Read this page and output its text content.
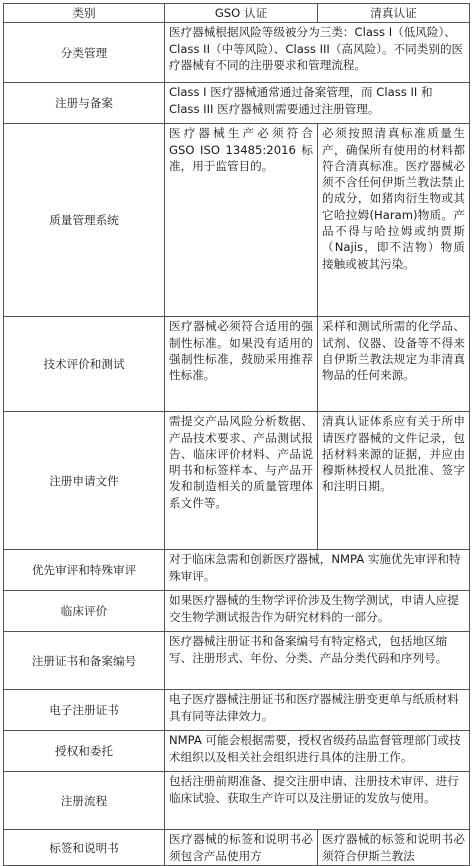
类别	GSO 认证	清真认证
分类管理	医疗器械根据风险等级被分为三类：Class I（低风险）、Class II（中等风险）、Class III（高风险）。不同类别的医疗器械有不同的注册要求和管理流程。	
注册与备案	Class I 医疗器械通常通过备案管理，而 Class II 和 Class III 医疗器械则需要通过注册管理。	
质量管理系统	医疗器械生产必须符合 GSO ISO 13485:2016 标准，用于监管目的。	必须按照清真标准质量生产，确保所有使用的材料都符合清真标准。医疗器械必须不含任何伊斯兰教法禁止的成分，如猪肉衍生物或其它哈拉姆(Haram)物质。产品不得与哈拉姆或纳贾斯（Najis，即不洁物）物质接触或被其污染。
技术评价和测试	医疗器械必须符合适用的强制性标准。如果没有适用的强制性标准，鼓励采用推荐性标准。	采样和测试所需的化学品、试剂、仪器、设备等不得来自伊斯兰教法规定为非清真物品的任何来源。
注册申请文件	需提交产品风险分析数据、产品技术要求、产品测试报告、临床评价材料、产品说明书和标签样本、与产品开发和制造相关的质量管理体系文件等。	清真认证体系应有关于所申请医疗器械的文件记录，包括材料来源的证据，并应由穆斯林授权人员批准、签字和注明日期。
优先审评和特殊审评	对于临床急需和创新医疗器械，NMPA 实施优先审评和特殊审评。	
临床评价	如果医疗器械的生物学评价涉及生物学测试，申请人应提交生物学测试报告作为研究材料的一部分。	
注册证书和备案编号	医疗器械注册证书和备案编号有特定格式，包括地区缩写、注册形式、年份、分类、产品分类代码和序列号。	
电子注册证书	电子医疗器械注册证书和医疗器械注册变更单与纸质材料具有同等法律效力。	
授权和委托	NMPA 可能会根据需要，授权省级药品监督管理部门或技术组织以及相关社会组织进行具体的注册工作。	
注册流程	包括注册前期准备、提交注册申请、注册技术审评、进行临床试验、获取生产许可以及注册证的发放与使用。	
标签和说明书	医疗器械的标签和说明书必须包含产品使用方	医疗器械的标签和说明书必须符合伊斯兰教法
